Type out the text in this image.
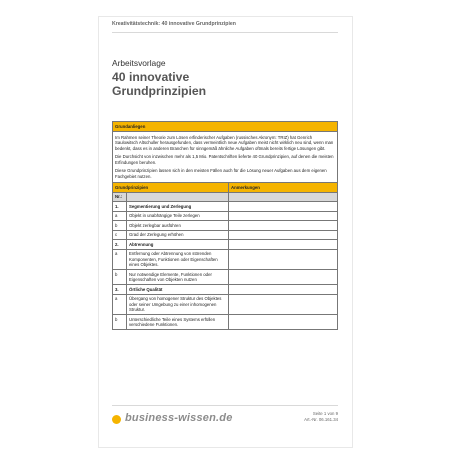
Kreativitätstechnik: 40 innovative Grundprinzipien
Arbeitsvorlage
40 innovative
Grundprinzipien
Grundanliegen		

Im Rahmen seiner Theorie zum Lösen erfinderischer Aufgaben (russisches Akronym: TRIZ) hat Genrich Saulowitsch Altschuller herausgefunden, dass vermeintlich neue Aufgaben meist nicht wirklich neu sind, wenn man bedenkt, dass es in anderen Branchen für sinngemäß ähnliche Aufgaben oftmals bereits fertige Lösungen gibt.

Die Durchsicht von inzwischen mehr als 1,5 Mio. Patentschriften lieferte 40 Grundprinzipien, auf denen die meisten Erfindungen beruhen.

Diese Grundprinzipien lassen sich in den meisten Fällen auch für die Lösung neuer Aufgaben aus dem eigenen Fachgebiet nutzen.		

Grundprinzipien		Anmerkungen
Nr.:		
1.	Segmentierung und Zerlegung	
a	Objekt in unabhängige Teile zerlegen	
b	Objekt zerlegbar ausführen	
c	Grad der Zerlegung erhöhen	
2.	Abtrennung	
a	Entfernung oder Abtrennung von störenden Komponenten, Funktionen oder Eigenschaften eines Objektes.	
b	Nur notwendige Elemente, Funktionen oder Eigenschaften von Objekten nutzen	
3.	Örtliche Qualität	
a	Übergang von homogener Struktur des Objektes oder seiner Umgebung zu einer inhomogenen Struktur.	
b	Unterschiedliche Teile eines Systems erfüllen verschiedene Funktionen.	
business-wissen.de	Seite 1 von 9
Art.-Nr. 06.161.34
